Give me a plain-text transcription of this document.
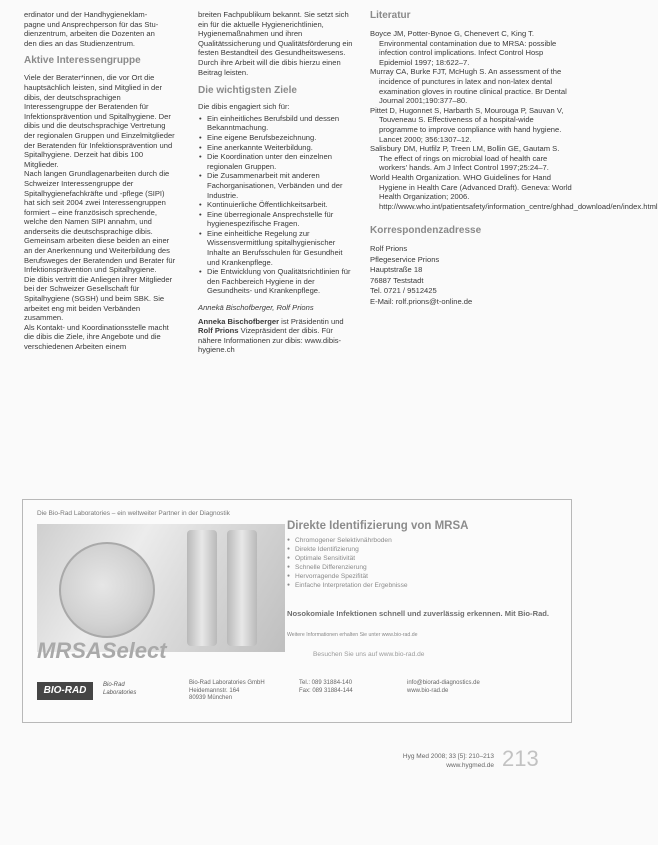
erdinator und der Handhygieneklam-

pagne und Ansprechperson für das Stu-

dienzentrum, arbeiten die Dozenten an

den dies an das Studienzentrum.

Aktive Interessengruppe

Viele der Berater*innen, die vor Ort die hauptsächlich leisten, sind Mitglied in der dibis, der deutschsprachigen Interessengruppe der Beratenden für Infektionsprävention und Spitalhygiene. Der dibis und die deutschsprachige Vertretung der regionalen Gruppen und Einzelmitglieder der Beratenden für Infektionsprävention und Spitalhygiene. Derzeit hat dibis 100 Mitglieder.

Nach langen Grundlagenarbeiten durch die Schweizer Interessengruppe der Spitalhygienefachkräfte und -pflege (SIPI) hat sich seit 2004 zwei Interessengruppen formiert – eine französisch sprechende, welche den Namen SIPI annahm, und anderseits die deutschsprachige dibis. Gemeinsam arbeiten diese beiden an einer an der Anerkennung und Weiterbildung des Berufsweges der Beratenden und Berater für Infektionsprävention und Spitalhygiene.

Die dibis vertritt die Anliegen ihrer Mitglieder bei der Schweizer Gesellschaft für Spitalhygiene (SGSH) und beim SBK. Sie arbeitet eng mit beiden Verbänden zusammen.

Als Kontakt- und Koordinationsstelle macht die dibis die Ziele, ihre Angebote und die verschiedenen Arbeiten einem

breiten Fachpublikum bekannt. Sie setzt sich ein für die aktuelle Hygienerichtlinien, Hygienemaßnahmen und ihren Qualitätssicherung und Qualitätsförderung ein festen Bestandteil des Gesundheitswesens. Durch ihre Arbeit will die dibis hierzu einen Beitrag leisten.

Die wichtigsten Ziele

Die dibis engagiert sich für:

• Ein einheitliches Berufsbild und dessen Bekanntmachung.
• Eine eigene Berufsbezeichnung.
• Eine anerkannte Weiterbildung.
• Die Koordination unter den einzelnen regionalen Gruppen.
• Die Zusammenarbeit mit anderen Fachorganisationen, Verbänden und der Industrie.
• Kontinuierliche Öffentlichkeitsarbeit.
• Eine überregionale Ansprechstelle für hygienespezifische Fragen.
• Eine einheitliche Regelung zur Wissensvermittlung spitalhygienischer Inhalte an Berufsschulen für Gesundheit und Krankenpflege.
• Die Entwicklung von Qualitätsrichtlinien für den Fachbereich Hygiene in der Gesundheits- und Krankenpflege.

Annekä Bischofberger, Rolf Prions

Anneka Bischofberger ist Präsidentin und Rolf Prions Vizepräsident der dibis. Für nähere Informationen zur dibis: www.dibis-hygiene.ch

Literatur

Boyce JM, Potter-Bynoe G, Chenevert C, King T. Environmental contamination due to MRSA: possible infection control implications. Infect Control Hosp Epidemiol 1997; 18:622–7.

Murray CA, Burke FJT, McHugh S. An assessment of the incidence of punctures in latex and non-latex dental examination gloves in routine clinical practice. Br Dental Journal 2001;190:377–80.

Pittet D, Hugonnet S, Harbarth S, Mourouga P, Sauvan V, Touveneau S. Effectiveness of a hospital-wide programme to improve compliance with hand hygiene. Lancet 2000; 356:1307–12.

Salisbury DM, Hutfilz P, Treen LM, Bollin GE, Gautam S. The effect of rings on microbial load of health care workers' hands. Am J Infect Control 1997;25:24–7.

World Health Organization. WHO Guidelines for Hand Hygiene in Health Care (Advanced Draft). Geneva: World Health Organization; 2006. http://www.who.int/patientsafety/information_centre/ghhad_download/en/index.html

Korrespondenzadresse

Rolf Prions

Pflegeservice Prions

Hauptstraße 18

76887 Teststadt

Tel. 0721 / 9512425

E-Mail: rolf.prions@t-online.de

Die Bio-Rad Laboratories – ein weltweiter Partner in der Diagnostik
MRSASelect
BIO-RAD	Bio-Rad
Laboratories
Bio-Rad Laboratories GmbH
Heidemannstr. 164
80939 München
Tel.: 089 31884-140
Fax: 089 31884-144
info@biorad-diagnostics.de
www.bio-rad.de
Direkte Identifizierung von MRSA
● Chromogener Selektivnährboden
● Direkte Identifizierung
● Optimale Sensitivität
● Schnelle Differenzierung
● Hervorragende Spezifität
● Einfache Interpretation der Ergebnisse
Nosokomiale Infektionen schnell und zuverlässig erkennen. Mit Bio-Rad.
Weitere Informationen erhalten Sie unter www.bio-rad.de
Besuchen Sie uns auf www.bio-rad.de
Hyg Med 2008; 33 [5]: 210–213
www.hygmed.de 213
